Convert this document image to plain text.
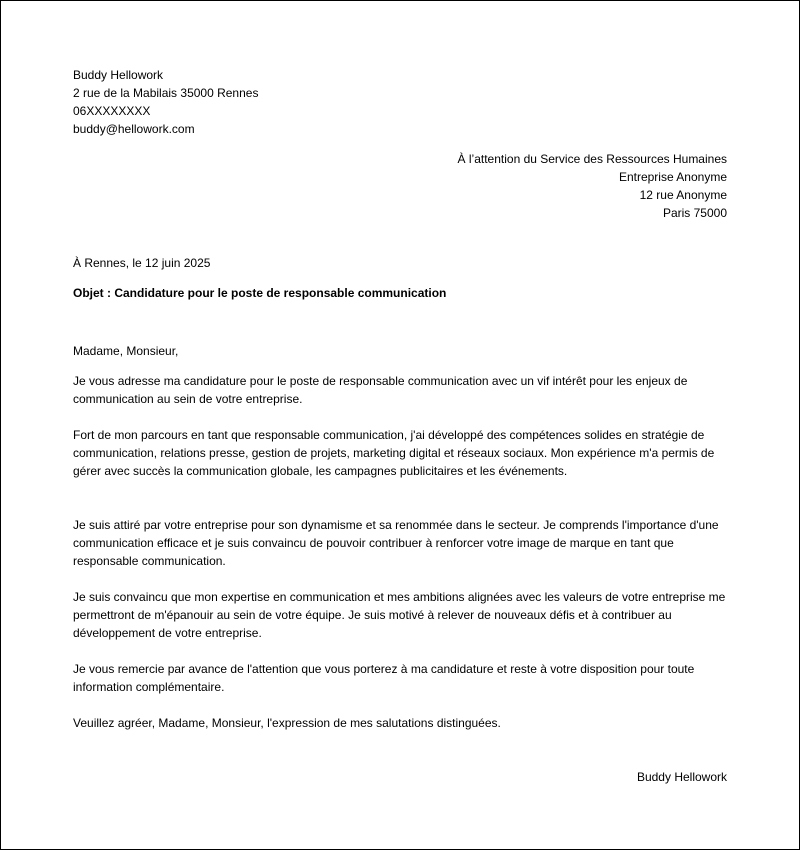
Buddy Hellowork
2 rue de la Mabilais 35000 Rennes
06XXXXXXXX
buddy@hellowork.com
À l’attention du Service des Ressources Humaines
Entreprise Anonyme
12 rue Anonyme
Paris 75000
À Rennes, le 12 juin 2025
Objet : Candidature pour le poste de responsable communication
Madame, Monsieur,
Je vous adresse ma candidature pour le poste de responsable communication avec un vif intérêt pour les enjeux de communication au sein de votre entreprise.
Fort de mon parcours en tant que responsable communication, j'ai développé des compétences solides en stratégie de communication, relations presse, gestion de projets, marketing digital et réseaux sociaux. Mon expérience m'a permis de gérer avec succès la communication globale, les campagnes publicitaires et les événements.
Je suis attiré par votre entreprise pour son dynamisme et sa renommée dans le secteur. Je comprends l'importance d'une communication efficace et je suis convaincu de pouvoir contribuer à renforcer votre image de marque en tant que responsable communication.
Je suis convaincu que mon expertise en communication et mes ambitions alignées avec les valeurs de votre entreprise me permettront de m'épanouir au sein de votre équipe. Je suis motivé à relever de nouveaux défis et à contribuer au développement de votre entreprise.
Je vous remercie par avance de l'attention que vous porterez à ma candidature et reste à votre disposition pour toute information complémentaire.
Veuillez agréer, Madame, Monsieur, l'expression de mes salutations distinguées.
Buddy Hellowork
